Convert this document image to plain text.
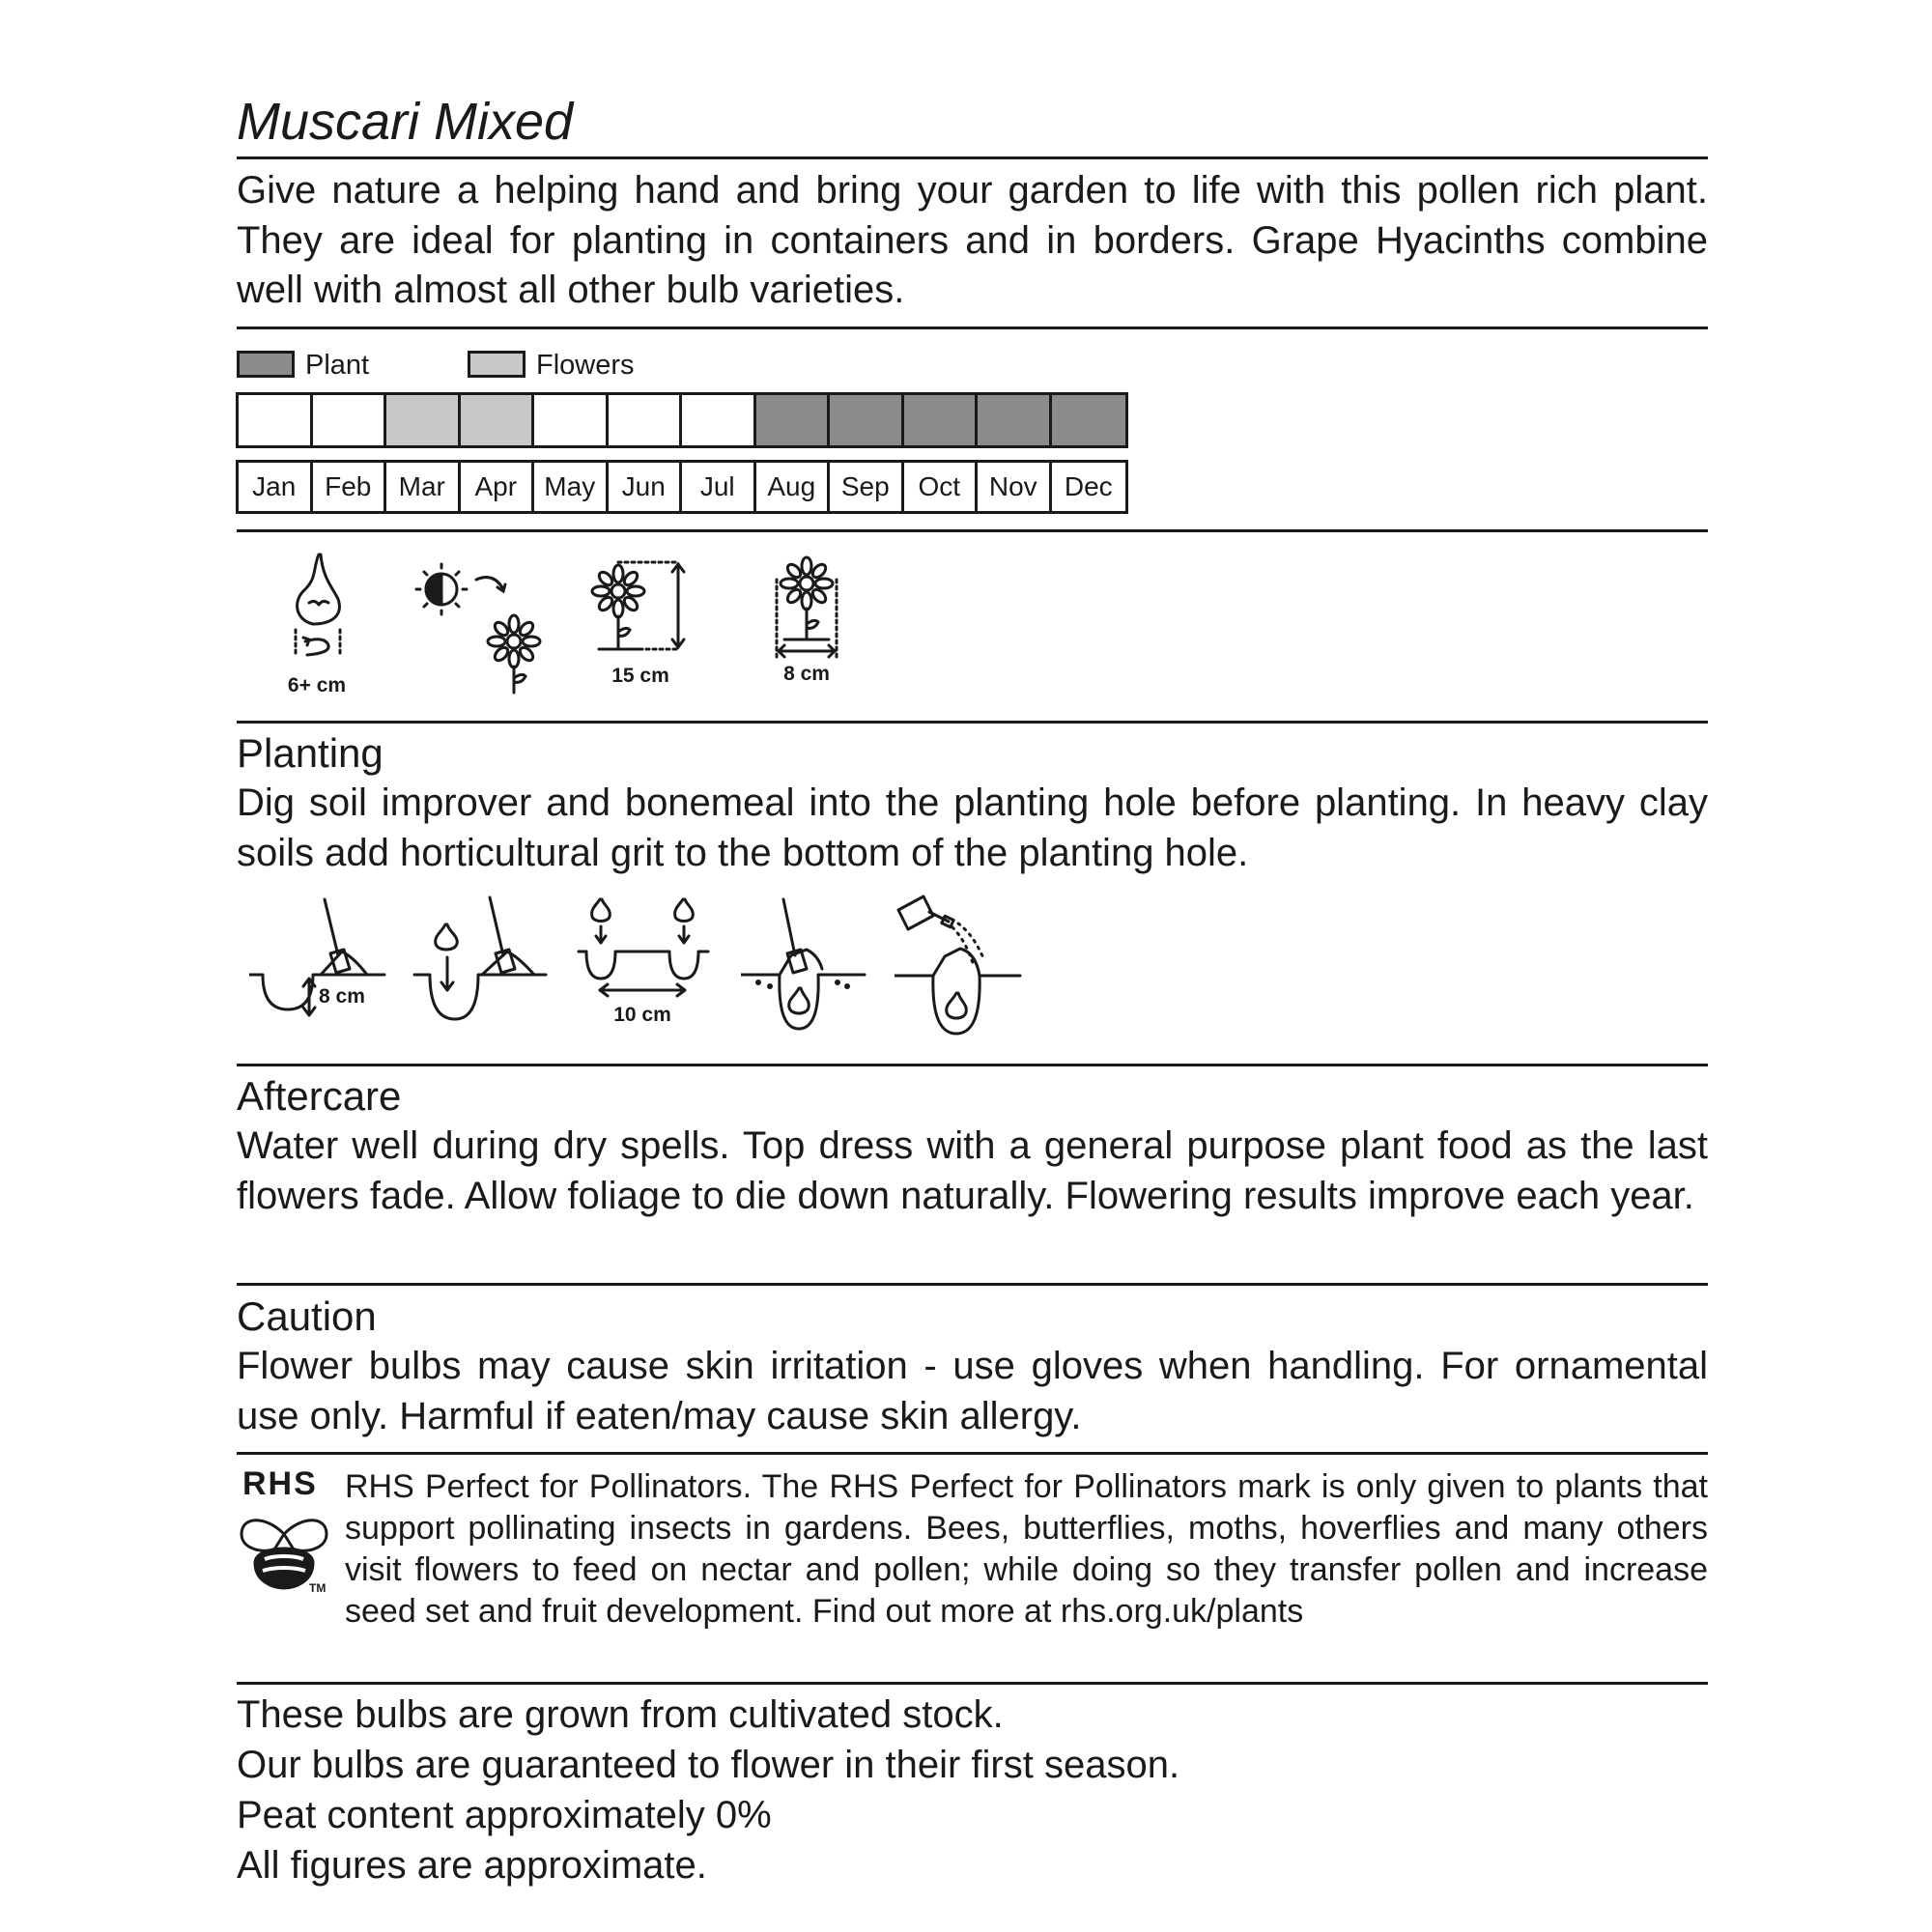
Muscari Mixed
Give nature a helping hand and bring your garden to life with this pollen rich plant. They are ideal for planting in containers and in borders. Grape Hyacinths combine well with almost all other bulb varieties.
Plant	Flowers
Jan	Feb	Mar	Apr	May Jun	Jul	Aug Sep	Oct	Nov	Dec
6+ cm	15 cm	8 cm
Planting
Dig soil improver and bonemeal into the planting hole before planting. In heavy clay soils add horticultural grit to the bottom of the planting hole.
8 cm
10 cm
Aftercare
Water well during dry spells. Top dress with a general purpose plant food as the last flowers fade. Allow foliage to die down naturally. Flowering results improve each year.
Caution
Flower bulbs may cause skin irritation - use gloves when handling. For ornamental use only. Harmful if eaten/may cause skin allergy.
RHS
TM
RHS Perfect for Pollinators. The RHS Perfect for Pollinators mark is only given to plants that support pollinating insects in gardens. Bees, butterflies, moths, hoverflies and many others visit flowers to feed on nectar and pollen; while doing so they transfer pollen and increase seed set and fruit development. Find out more at rhs.org.uk/plants
These bulbs are grown from cultivated stock.
Our bulbs are guaranteed to flower in their first season.
Peat content approximately 0%
All figures are approximate.
